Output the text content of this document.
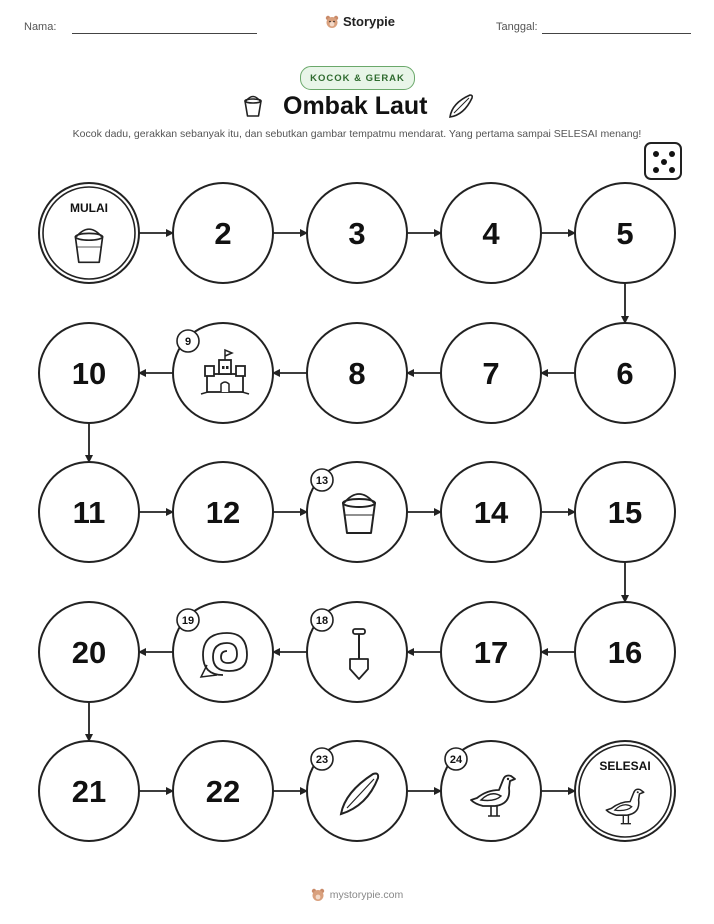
Nama:	Storypie	Tanggal:
KOCOK & GERAK
Ombak Laut
Kocok dadu, gerakkan sebanyak itu, dan sebutkan gambar tempatmu mendarat. Yang pertama sampai SELESAI menang!
MULAI
2	3	4	5
6
7
8
9
10
11	12
13
14	15
16
17
18
19
20
21	22
23	24	SELESAI
mystorypie.com
